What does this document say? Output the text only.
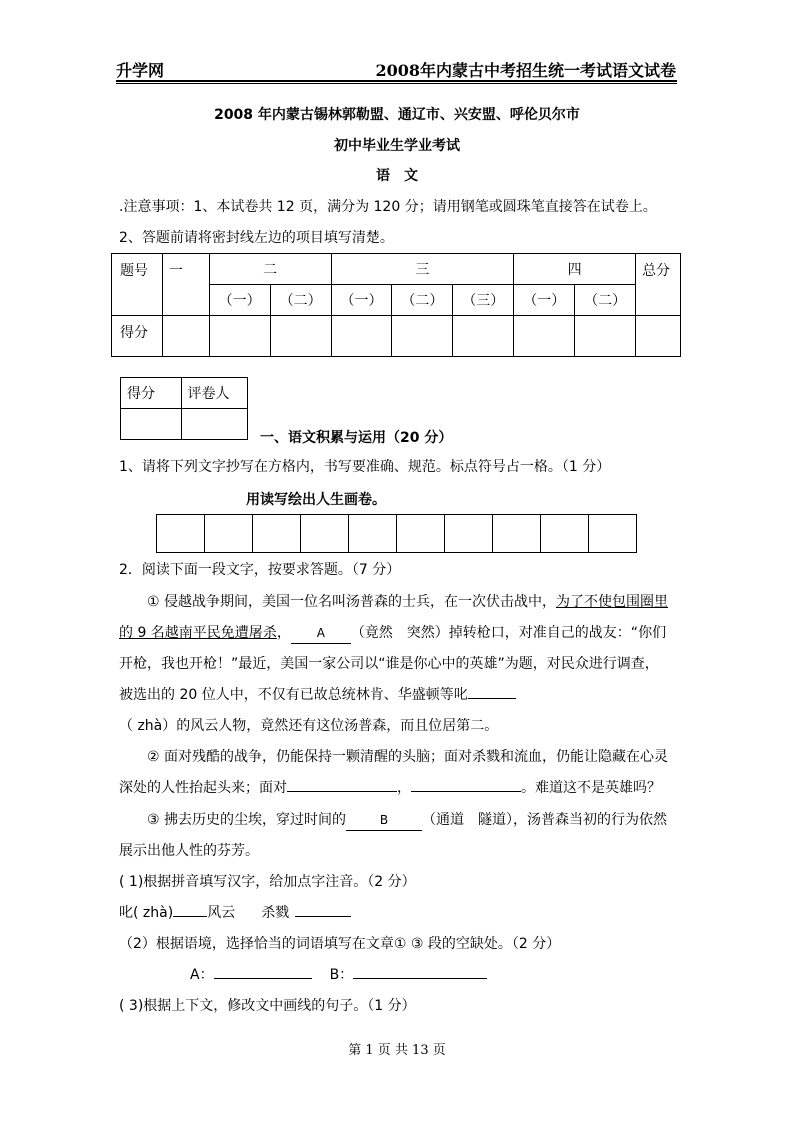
升学网	2008年内蒙古中考招生统一考试语文试卷
2008 年内蒙古锡林郭勒盟、通辽市、兴安盟、呼伦贝尔市
初中毕业生学业考试
语　文
.注意事项：1、本试卷共 12 页，满分为 120 分；请用钢笔或圆珠笔直接答在试卷上。
2、答题前请将密封线左边的项目填写清楚。
题号	一	二		三			四		总分
		（一）	（二）	（一）	（二）	（三）	（一）	（二）	
得分									
得分	评卷人

一、语文积累与运用（20 分）
1、请将下列文字抄写在方格内，书写要准确、规范。标点符号占一格。（1 分）
用读写绘出人生画卷。
2．阅读下面一段文字，按要求答题。（7 分）
① 侵越战争期间，美国一位名叫汤普森的士兵，在一次伏击战中，为了不使包围圈里
的 9 名越南平民免遭屠杀， A （竟然　突然）掉转枪口，对准自己的战友：“你们
开枪，我也开枪！”最近，美国一家公司以“谁是你心中的英雄”为题，对民众进行调查，
被选出的 20 位人中，不仅有已故总统林肯、华盛顿等叱
（ zhà）的风云人物，竟然还有这位汤普森，而且位居第二。
② 面对残酷的战争，仍能保持一颗清醒的头脑；面对杀戮和流血，仍能让隐藏在心灵
深处的人性抬起头来；面对	，	。难道这不是英雄吗？
③ 拂去历史的尘埃，穿过时间的	B （通道　隧道），汤普森当初的行为依然
展示出他人性的芬芳。
( 1)根据拼音填写汉字，给加点字注音。（2 分）
叱( zhà) 风云 杀戮
（2）根据语境，选择恰当的词语填写在文章① ③ 段的空缺处。（2 分）
A：	B：
( 3)根据上下文，修改文中画线的句子。（1 分）
第 1 页 共 13 页
